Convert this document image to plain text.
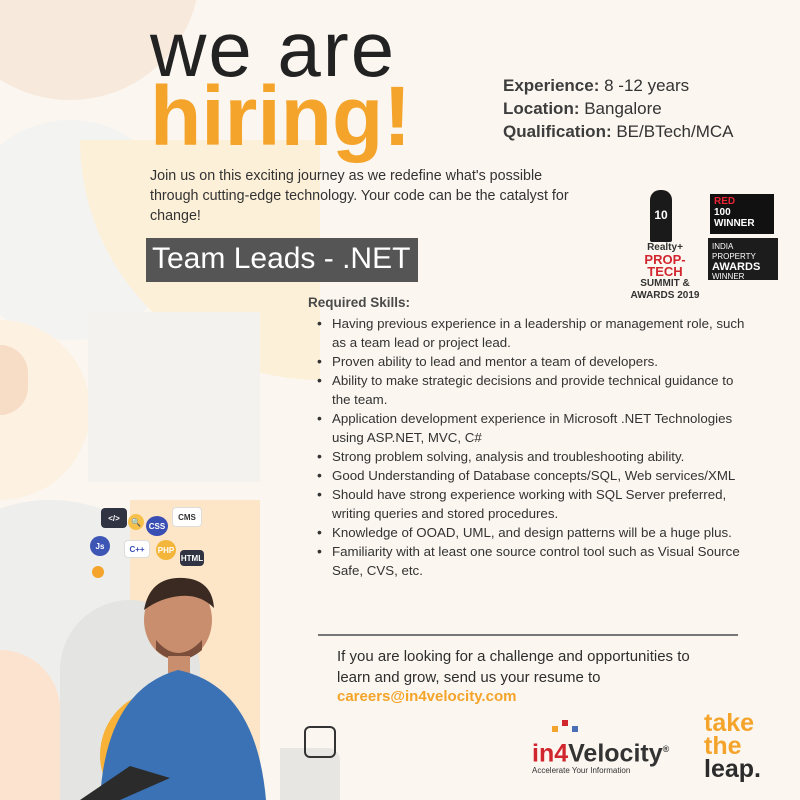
we are
hiring!	Experience: 8 -12 years
Location: Bangalore
Qualification: BE/BTech/MCA

Join us on this exciting journey as we redefine what's possible through cutting-edge technology. Your code can be the catalyst for change!

Team Leads - .NET
10
RED
100
WINNER
Realty+
PROP-TECH
SUMMIT & AWARDS 2019
INDIA PROPERTY
AWARDS
WINNER
Required Skills:
• Having previous experience in a leadership or management role, such as a team lead or project lead.
• Proven ability to lead and mentor a team of developers.
• Ability to make strategic decisions and provide technical guidance to the team.
• Application development experience in Microsoft .NET Technologies using ASP.NET, MVC, C#
• Strong problem solving, analysis and troubleshooting ability.
• Good Understanding of Database concepts/SQL, Web services/XML
• Should have strong experience working with SQL Server preferred, writing queries and stored procedures.
• Knowledge of OOAD, UML, and design patterns will be a huge plus.
• Familiarity with at least one source control tool such as Visual Source Safe, CVS, etc.

If you are looking for a challenge and opportunities to learn and grow, send us your resume to

careers@in4velocity.com
in4Velocity®
Accelerate Your Information
take
the
leap.
</>	🔍 CSS
CMS
Js	C++	PHP
HTML
